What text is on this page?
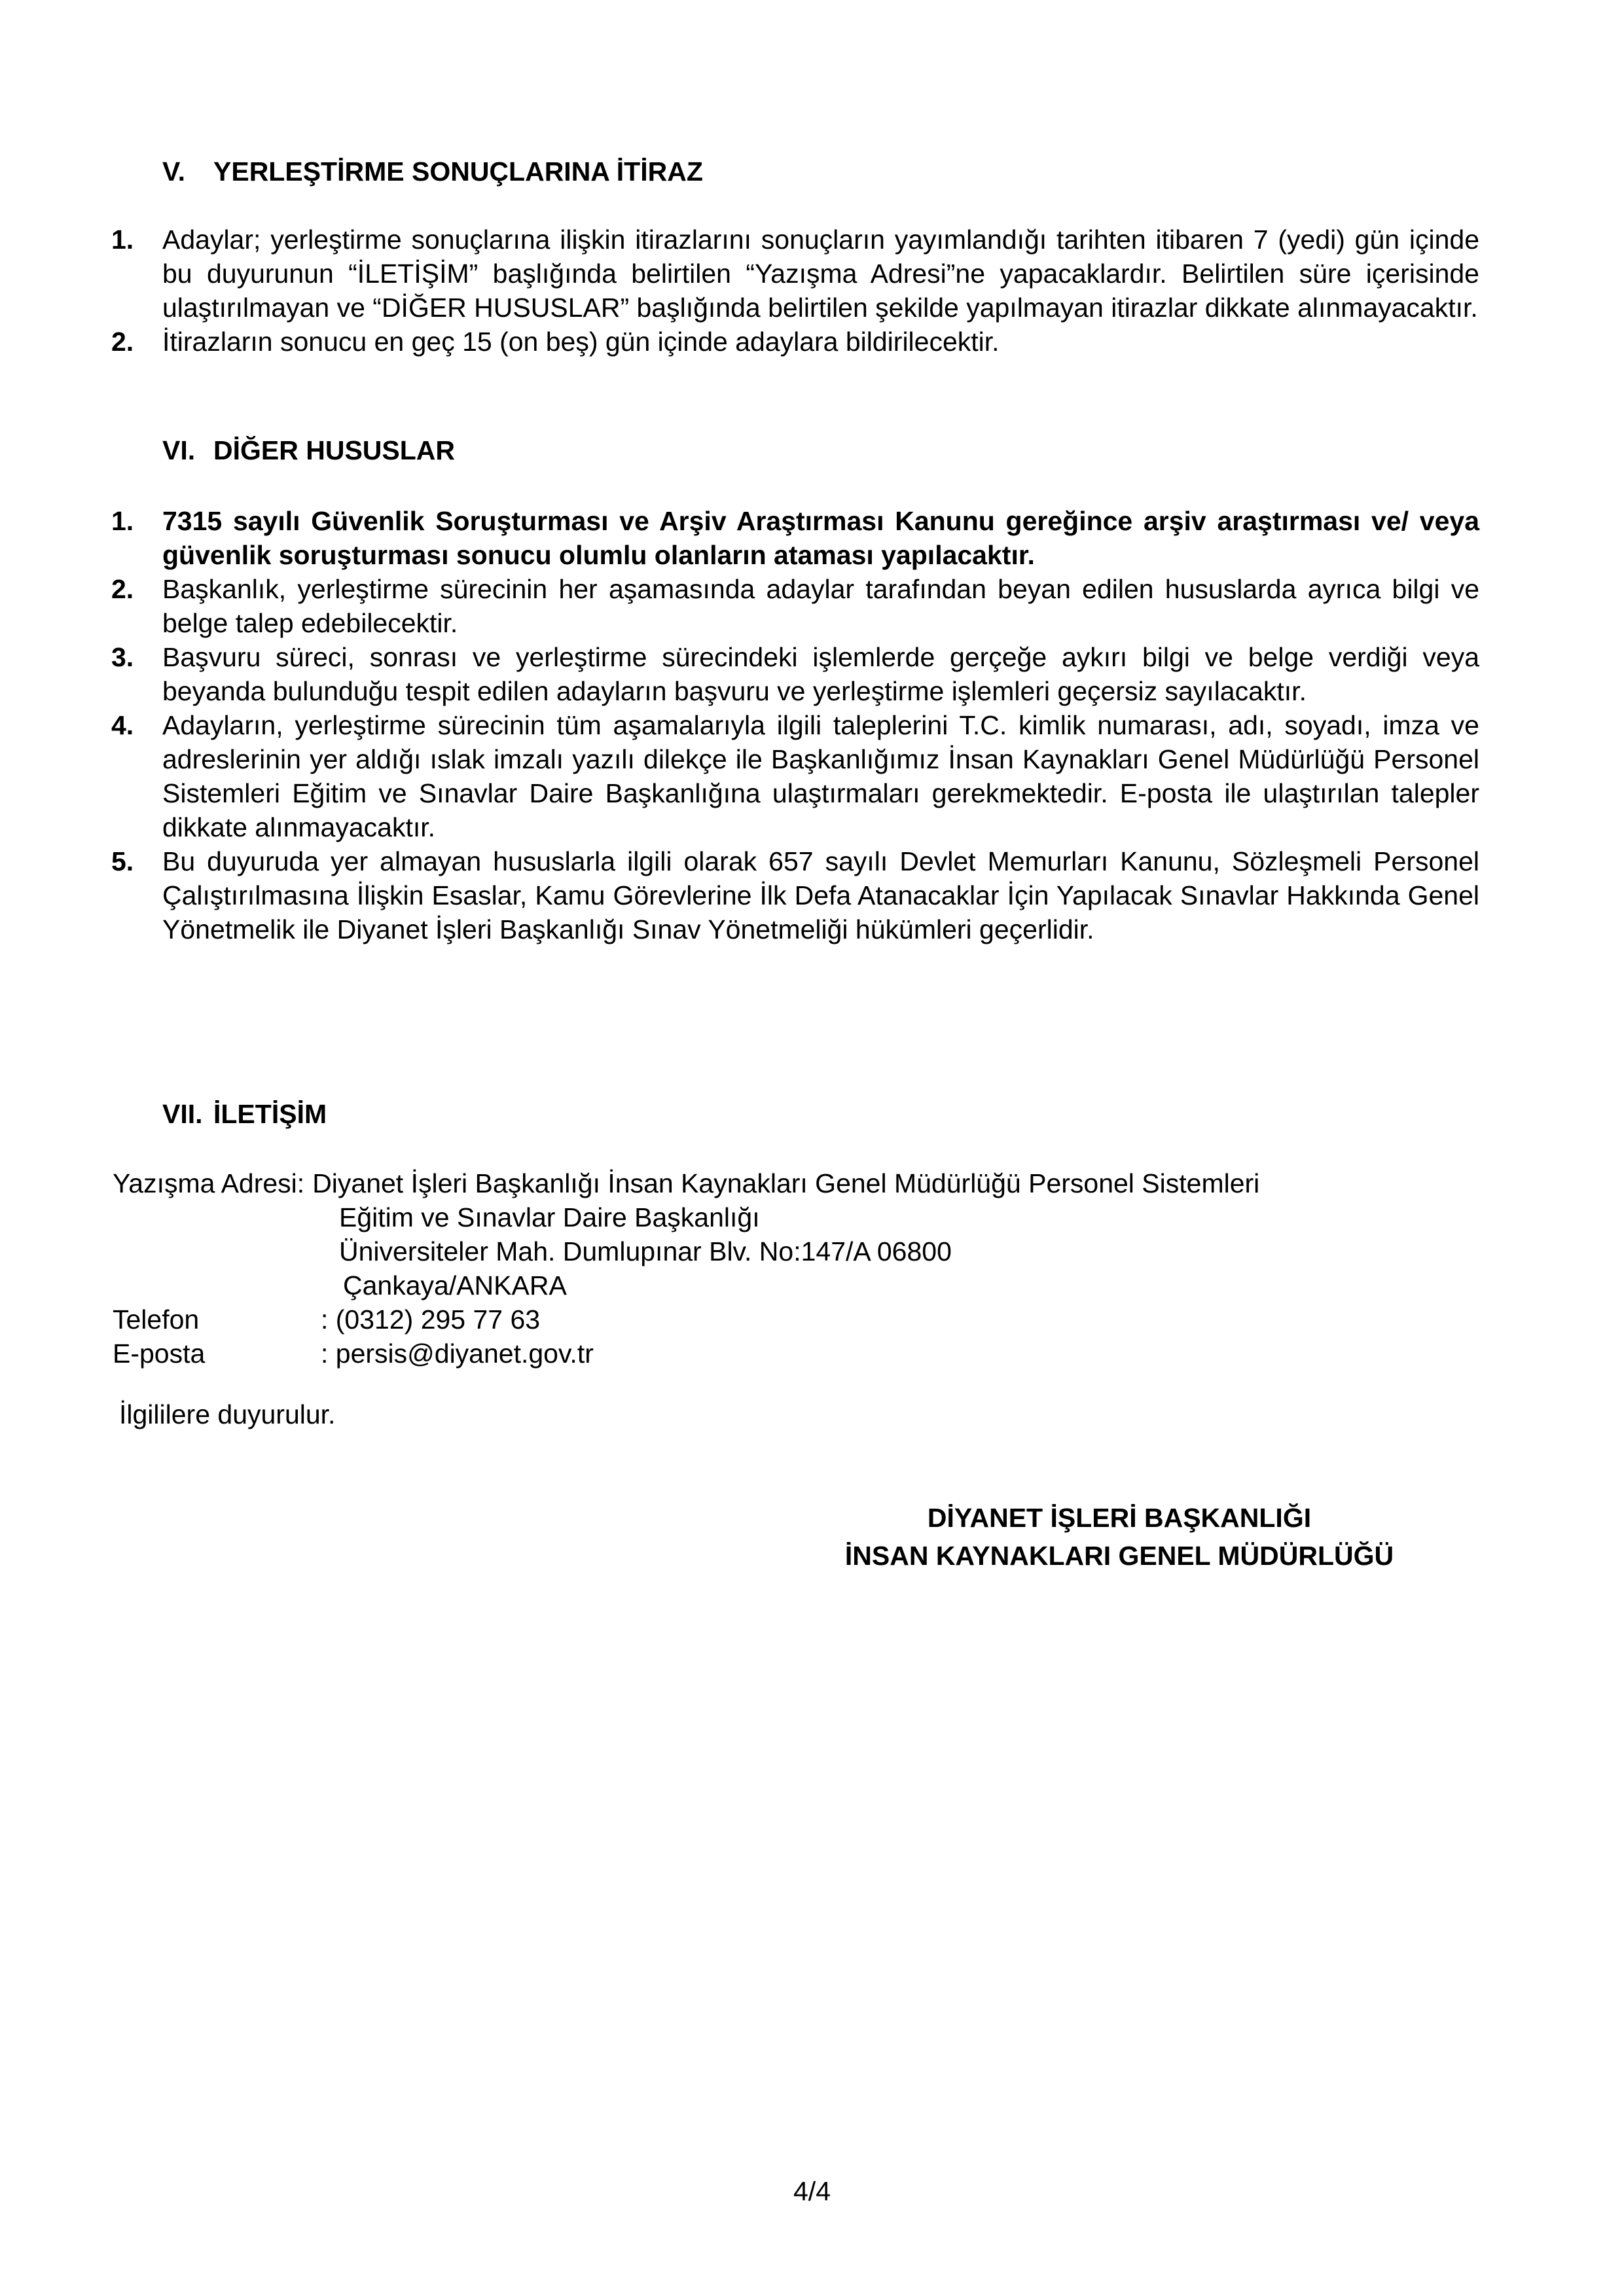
V. YERLEŞTİRME SONUÇLARINA İTİRAZ
1.	Adaylar; yerleştirme sonuçlarına ilişkin itirazlarını sonuçların yayımlandığı tarihten itibaren 7 (yedi) gün içinde bu duyurunun “İLETİŞİM” başlığında belirtilen “Yazışma Adresi”ne yapacaklardır. Belirtilen süre içerisinde ulaştırılmayan ve “DİĞER HUSUSLAR” başlığında belirtilen şekilde yapılmayan itirazlar dikkate alınmayacaktır.
2.	İtirazların sonucu en geç 15 (on beş) gün içinde adaylara bildirilecektir.
VI. DİĞER HUSUSLAR
1.	7315 sayılı Güvenlik Soruşturması ve Arşiv Araştırması Kanunu gereğince arşiv araştırması ve/ veya güvenlik soruşturması sonucu olumlu olanların ataması yapılacaktır.
2.	Başkanlık, yerleştirme sürecinin her aşamasında adaylar tarafından beyan edilen hususlarda ayrıca bilgi ve belge talep edebilecektir.
3.	Başvuru süreci, sonrası ve yerleştirme sürecindeki işlemlerde gerçeğe aykırı bilgi ve belge verdiği veya beyanda bulunduğu tespit edilen adayların başvuru ve yerleştirme işlemleri geçersiz sayılacaktır.
4.	Adayların, yerleştirme sürecinin tüm aşamalarıyla ilgili taleplerini T.C. kimlik numarası, adı, soyadı, imza ve adreslerinin yer aldığı ıslak imzalı yazılı dilekçe ile Başkanlığımız İnsan Kaynakları Genel Müdürlüğü Personel Sistemleri Eğitim ve Sınavlar Daire Başkanlığına ulaştırmaları gerekmektedir. E-posta ile ulaştırılan talepler dikkate alınmayacaktır.
5.	Bu duyuruda yer almayan hususlarla ilgili olarak 657 sayılı Devlet Memurları Kanunu, Sözleşmeli Personel Çalıştırılmasına İlişkin Esaslar, Kamu Görevlerine İlk Defa Atanacaklar İçin Yapılacak Sınavlar Hakkında Genel Yönetmelik ile Diyanet İşleri Başkanlığı Sınav Yönetmeliği hükümleri geçerlidir.
VII. İLETİŞİM
Yazışma Adresi: Diyanet İşleri Başkanlığı İnsan Kaynakları Genel Müdürlüğü Personel Sistemleri
Eğitim ve Sınavlar Daire Başkanlığı
Üniversiteler Mah. Dumlupınar Blv. No:147/A 06800
Çankaya/ANKARA
Telefon	: (0312) 295 77 63
E-posta	: persis@diyanet.gov.tr
İlgililere duyurulur.
DİYANET İŞLERİ BAŞKANLIĞI
İNSAN KAYNAKLARI GENEL MÜDÜRLÜĞÜ
4/4
